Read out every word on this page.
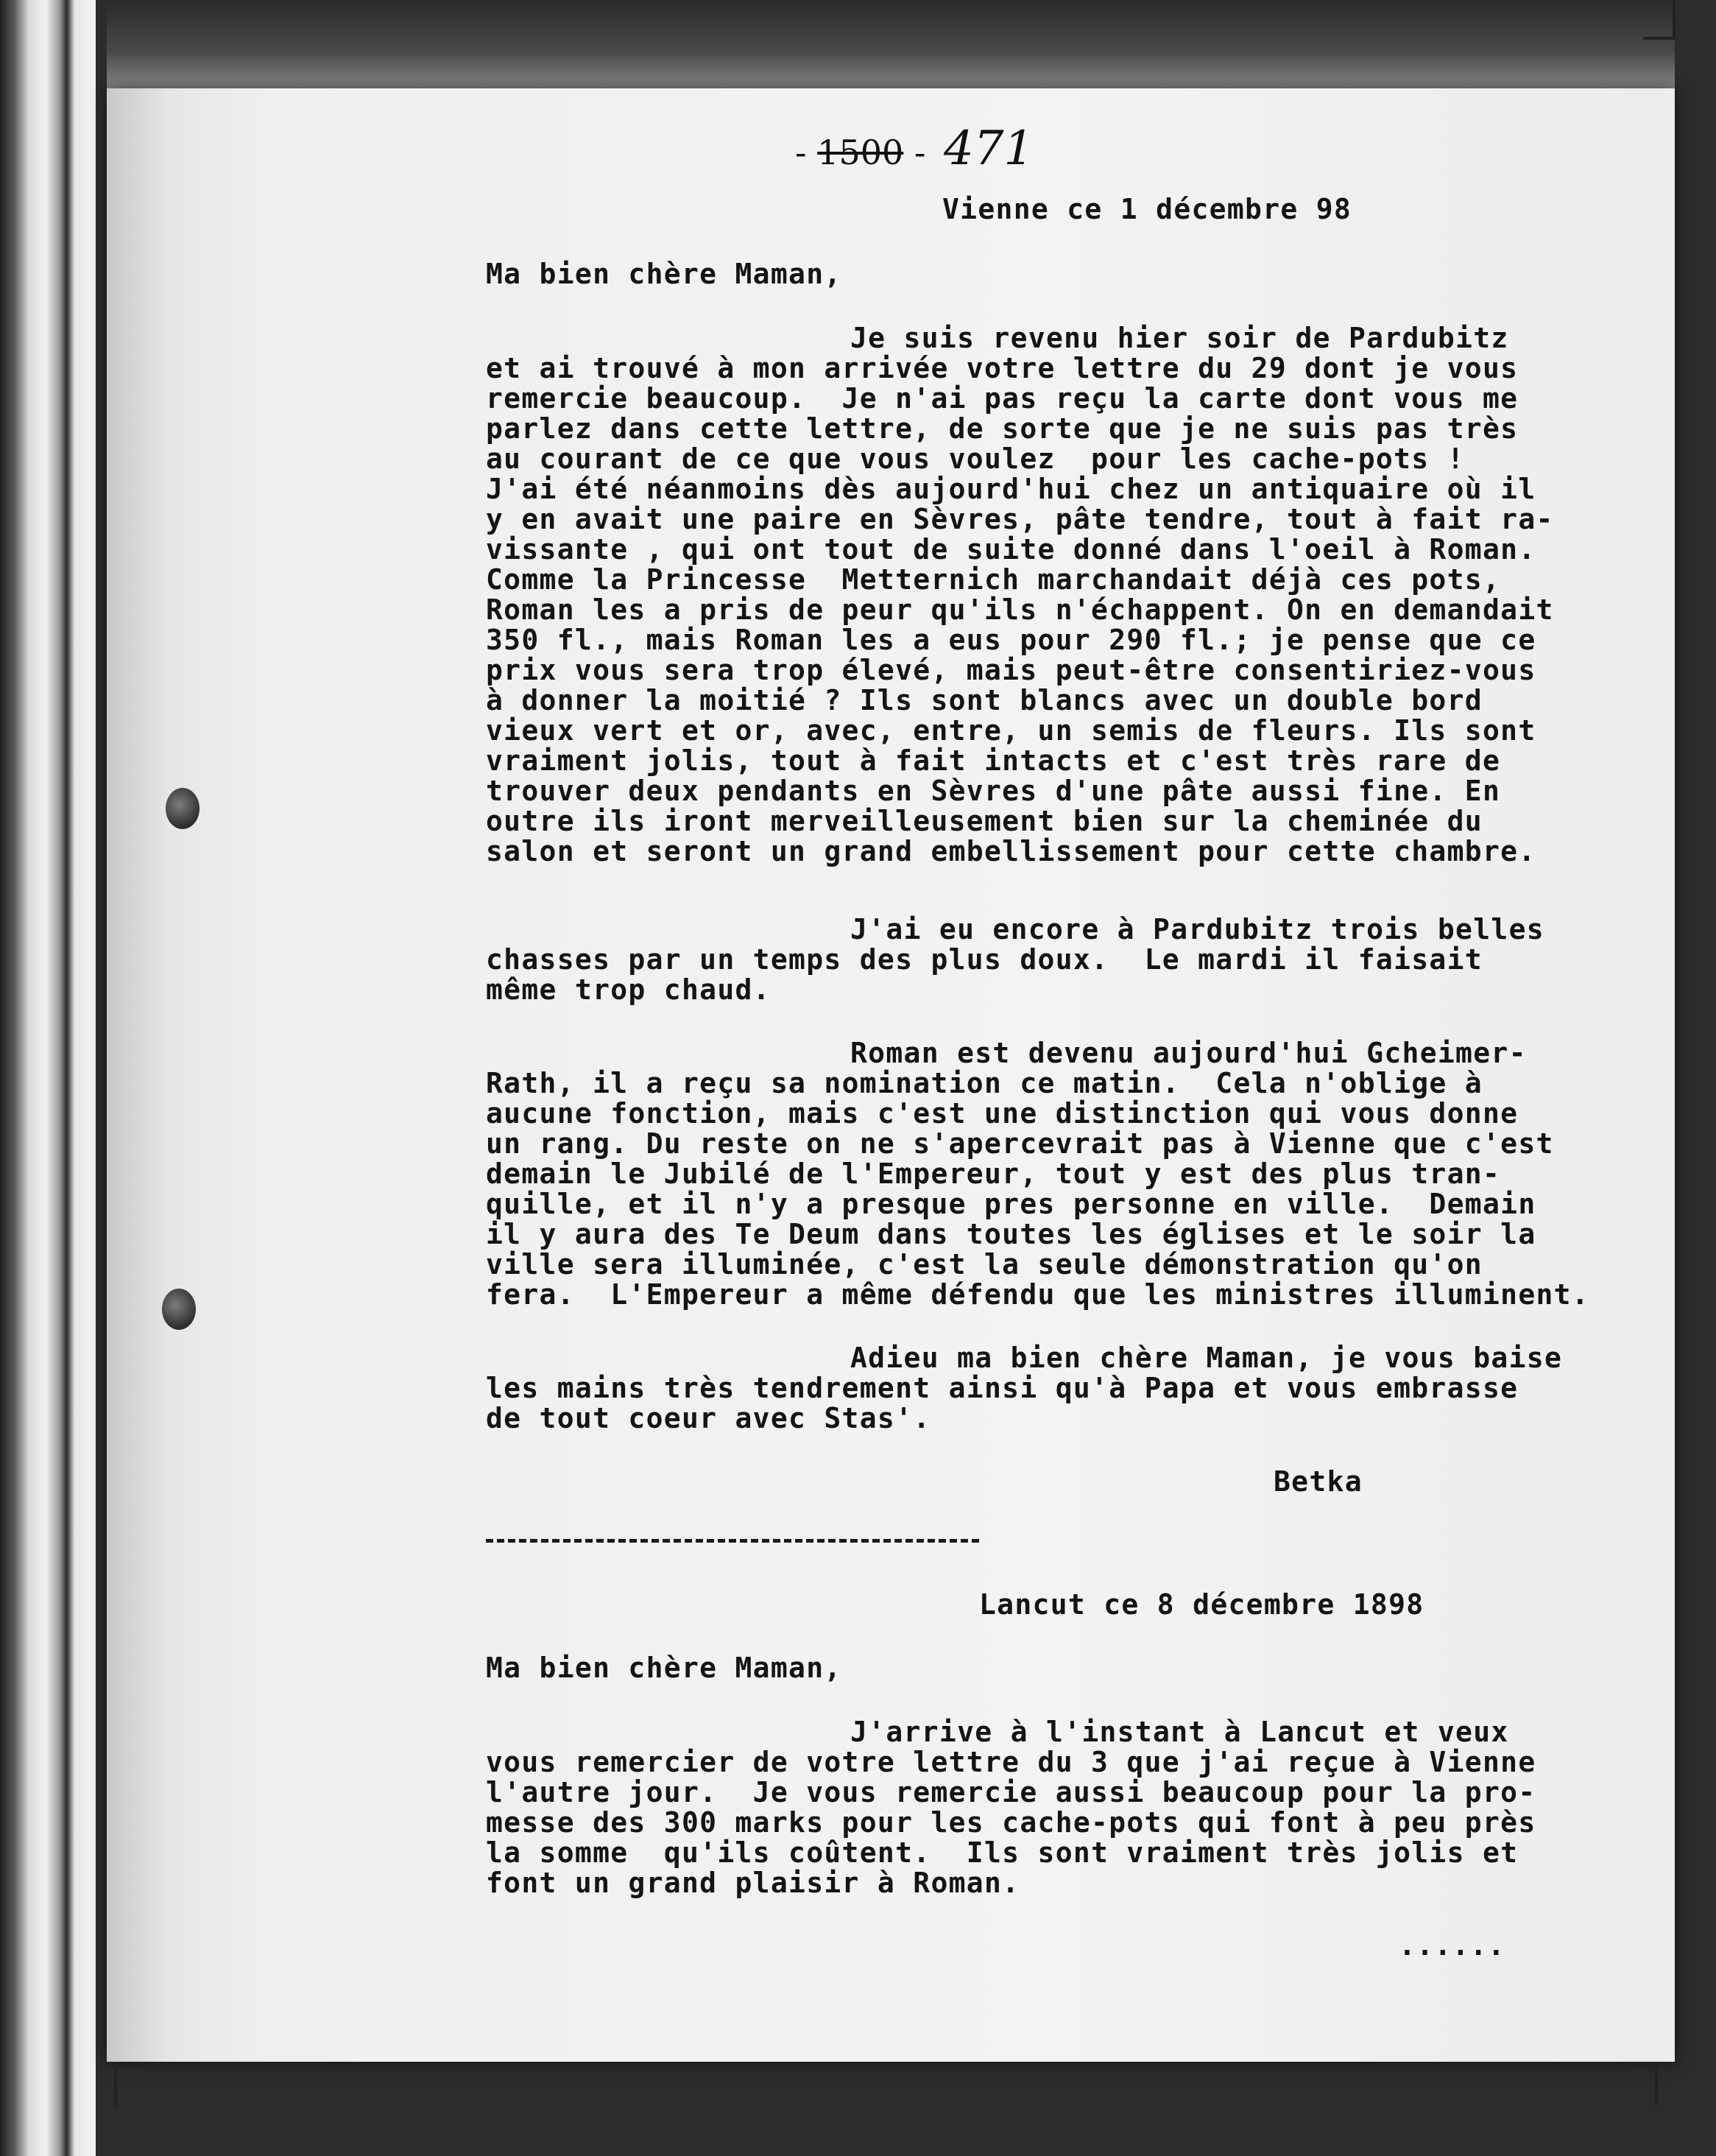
- 1500 - 471
Vienne ce 1 décembre 98
Ma bien chère Maman,
Je suis revenu hier soir de Pardubitz
et ai trouvé à mon arrivée votre lettre du 29 dont je vous
remercie beaucoup.  Je n'ai pas reçu la carte dont vous me
parlez dans cette lettre, de sorte que je ne suis pas très
au courant de ce que vous voulez  pour les cache-pots !
J'ai été néanmoins dès aujourd'hui chez un antiquaire où il
y en avait une paire en Sèvres, pâte tendre, tout à fait ra-
vissante , qui ont tout de suite donné dans l'oeil à Roman.
Comme la Princesse  Metternich marchandait déjà ces pots,
Roman les a pris de peur qu'ils n'échappent. On en demandait
350 fl., mais Roman les a eus pour 290 fl.; je pense que ce
prix vous sera trop élevé, mais peut-être consentiriez-vous
à donner la moitié ? Ils sont blancs avec un double bord
vieux vert et or, avec, entre, un semis de fleurs. Ils sont
vraiment jolis, tout à fait intacts et c'est très rare de
trouver deux pendants en Sèvres d'une pâte aussi fine. En
outre ils iront merveilleusement bien sur la cheminée du
salon et seront un grand embellissement pour cette chambre.
J'ai eu encore à Pardubitz trois belles
chasses par un temps des plus doux.  Le mardi il faisait
même trop chaud.
Roman est devenu aujourd'hui Gcheimer-
Rath, il a reçu sa nomination ce matin.  Cela n'oblige à
aucune fonction, mais c'est une distinction qui vous donne
un rang. Du reste on ne s'apercevrait pas à Vienne que c'est
demain le Jubilé de l'Empereur, tout y est des plus tran-
quille, et il n'y a presque pres personne en ville.  Demain
il y aura des Te Deum dans toutes les églises et le soir la
ville sera illuminée, c'est la seule démonstration qu'on
fera.  L'Empereur a même défendu que les ministres illuminent.
Adieu ma bien chère Maman, je vous baise
les mains très tendrement ainsi qu'à Papa et vous embrasse
de tout coeur avec Stas'.
Betka
Lancut ce 8 décembre 1898
Ma bien chère Maman,
J'arrive à l'instant à Lancut et veux
vous remercier de votre lettre du 3 que j'ai reçue à Vienne
l'autre jour.  Je vous remercie aussi beaucoup pour la pro-
messe des 300 marks pour les cache-pots qui font à peu près
la somme  qu'ils coûtent.  Ils sont vraiment très jolis et
font un grand plaisir à Roman.
......
